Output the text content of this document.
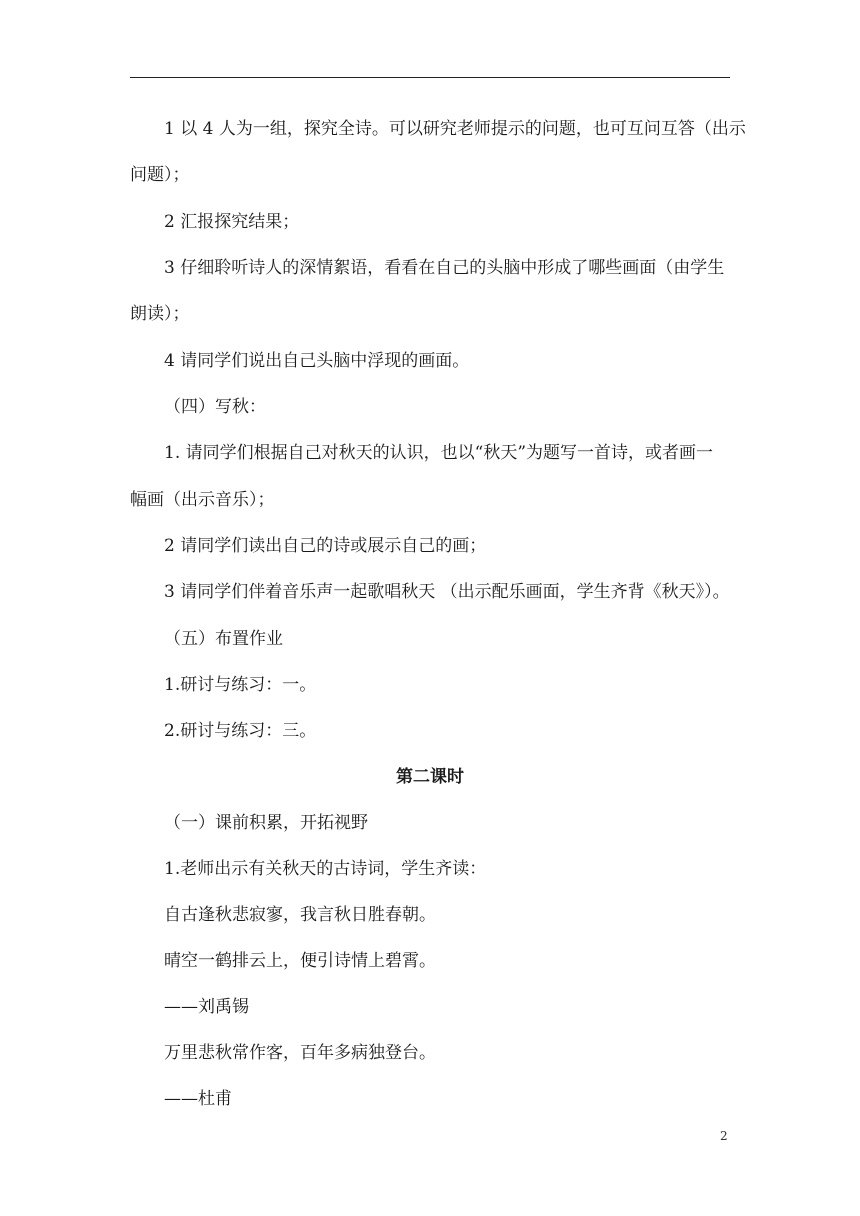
1 以 4 人为一组，探究全诗。可以研究老师提示的问题，也可互问互答（出示
问题）；
2 汇报探究结果；
3 仔细聆听诗人的深情絮语，看看在自己的头脑中形成了哪些画面（由学生
朗读）；
4 请同学们说出自己头脑中浮现的画面。
（四）写秋：
1. 请同学们根据自己对秋天的认识，也以“秋天”为题写一首诗，或者画一
幅画（出示音乐）；
2 请同学们读出自己的诗或展示自己的画；
3 请同学们伴着音乐声一起歌唱秋天 （出示配乐画面，学生齐背《秋天》）。
（五）布置作业
1.研讨与练习：一。
2.研讨与练习：三。
第二课时
（一）课前积累，开拓视野
1.老师出示有关秋天的古诗词，学生齐读：
自古逢秋悲寂寥，我言秋日胜春朝。
晴空一鹤排云上，便引诗情上碧霄。
——刘禹锡
万里悲秋常作客，百年多病独登台。
——杜甫
2
